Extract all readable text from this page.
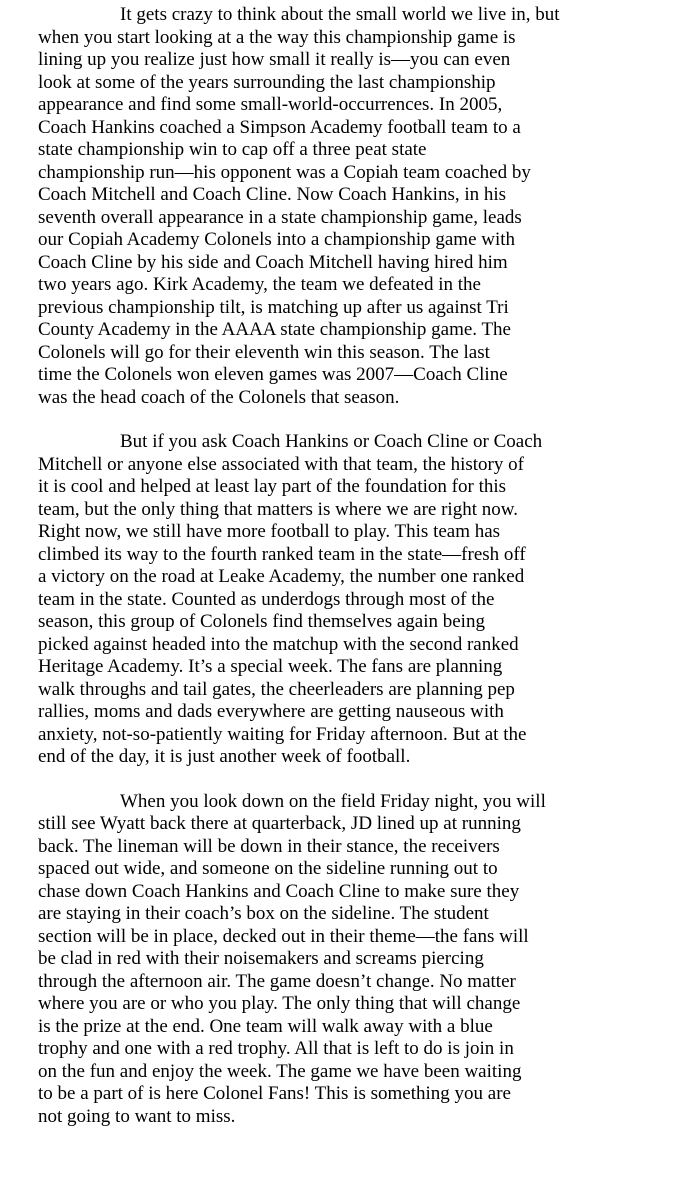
It gets crazy to think about the small world we live in, but
when you start looking at a the way this championship game is
lining up you realize just how small it really is—you can even
look at some of the years surrounding the last championship
appearance and find some small-world-occurrences. In 2005,
Coach Hankins coached a Simpson Academy football team to a
state championship win to cap off a three peat state
championship run—his opponent was a Copiah team coached by
Coach Mitchell and Coach Cline. Now Coach Hankins, in his
seventh overall appearance in a state championship game, leads
our Copiah Academy Colonels into a championship game with
Coach Cline by his side and Coach Mitchell having hired him
two years ago. Kirk Academy, the team we defeated in the
previous championship tilt, is matching up after us against Tri
County Academy in the AAAA state championship game. The
Colonels will go for their eleventh win this season. The last
time the Colonels won eleven games was 2007—Coach Cline
was the head coach of the Colonels that season.

But if you ask Coach Hankins or Coach Cline or Coach
Mitchell or anyone else associated with that team, the history of
it is cool and helped at least lay part of the foundation for this
team, but the only thing that matters is where we are right now.
Right now, we still have more football to play. This team has
climbed its way to the fourth ranked team in the state—fresh off
a victory on the road at Leake Academy, the number one ranked
team in the state. Counted as underdogs through most of the
season, this group of Colonels find themselves again being
picked against headed into the matchup with the second ranked
Heritage Academy. It’s a special week. The fans are planning
walk throughs and tail gates, the cheerleaders are planning pep
rallies, moms and dads everywhere are getting nauseous with
anxiety, not-so-patiently waiting for Friday afternoon. But at the
end of the day, it is just another week of football.

When you look down on the field Friday night, you will
still see Wyatt back there at quarterback, JD lined up at running
back. The lineman will be down in their stance, the receivers
spaced out wide, and someone on the sideline running out to
chase down Coach Hankins and Coach Cline to make sure they
are staying in their coach’s box on the sideline. The student
section will be in place, decked out in their theme—the fans will
be clad in red with their noisemakers and screams piercing
through the afternoon air. The game doesn’t change. No matter
where you are or who you play. The only thing that will change
is the prize at the end. One team will walk away with a blue
trophy and one with a red trophy. All that is left to do is join in
on the fun and enjoy the week. The game we have been waiting
to be a part of is here Colonel Fans! This is something you are
not going to want to miss.
